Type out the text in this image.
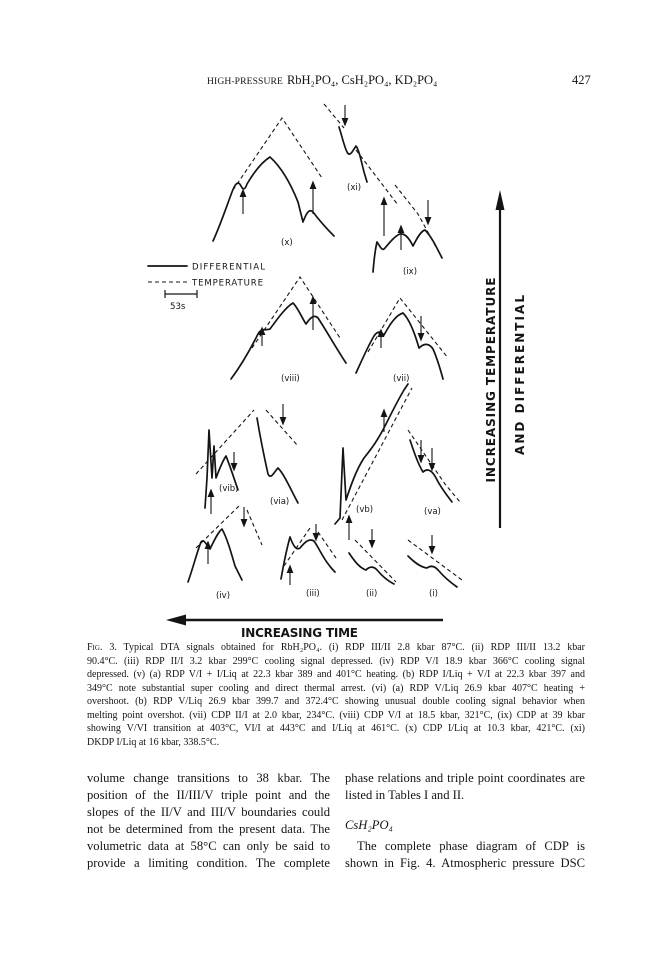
HIGH-PRESSURE RbH₂PO₄, CsH₂PO₄, KD₂PO₄	427
DIFFERENTIAL
TEMPERATURE
53s
(xi)
(x)
(ix)
(viii)	(vii)
(vib)
(via)
(vb)	(va)
(iv)	(iii)	(ii)	(i)
INCREASING TEMPERATURE
AND DIFFERENTIAL
INCREASING TIME
Fig. 3. Typical DTA signals obtained for RbH₂PO₄. (i) RDP III/II 2.8 kbar 87°C. (ii) RDP III/II 13.2 kbar
90.4°C. (iii) RDP II/I 3.2 kbar 299°C cooling signal depressed. (iv) RDP V/I 18.9 kbar 366°C cooling signal
depressed. (v) (a) RDP V/I + I/Liq at 22.3 kbar 389 and 401°C heating. (b) RDP I/Liq + V/I at 22.3 kbar 397 and
349°C note substantial super cooling and direct thermal arrest. (vi) (a) RDP V/Liq 26.9 kbar 407°C heating +
overshoot. (b) RDP V/Liq 26.9 kbar 399.7 and 372.4°C showing unusual double cooling signal behavior when
melting point overshot. (vii) CDP II/I at 2.0 kbar, 234°C. (viii) CDP V/I at 18.5 kbar, 321°C, (ix) CDP at 39 kbar
showing V/VI transition at 403°C, VI/I at 443°C and I/Liq at 461°C. (x) CDP I/Liq at 10.3 kbar, 421°C. (xi)
DKDP I/Liq at 16 kbar, 338.5°C.
volume change transitions to 38 kbar. The
position of the II/III/V triple point and the
slopes of the II/V and III/V boundaries could
not be determined from the present data. The
volumetric data at 58°C can only be said to
provide a limiting condition. The complete
phase relations and triple point coordinates are
listed in Tables I and II.
CsH₂PO₄
The complete phase diagram of CDP is
shown in Fig. 4. Atmospheric pressure DSC
